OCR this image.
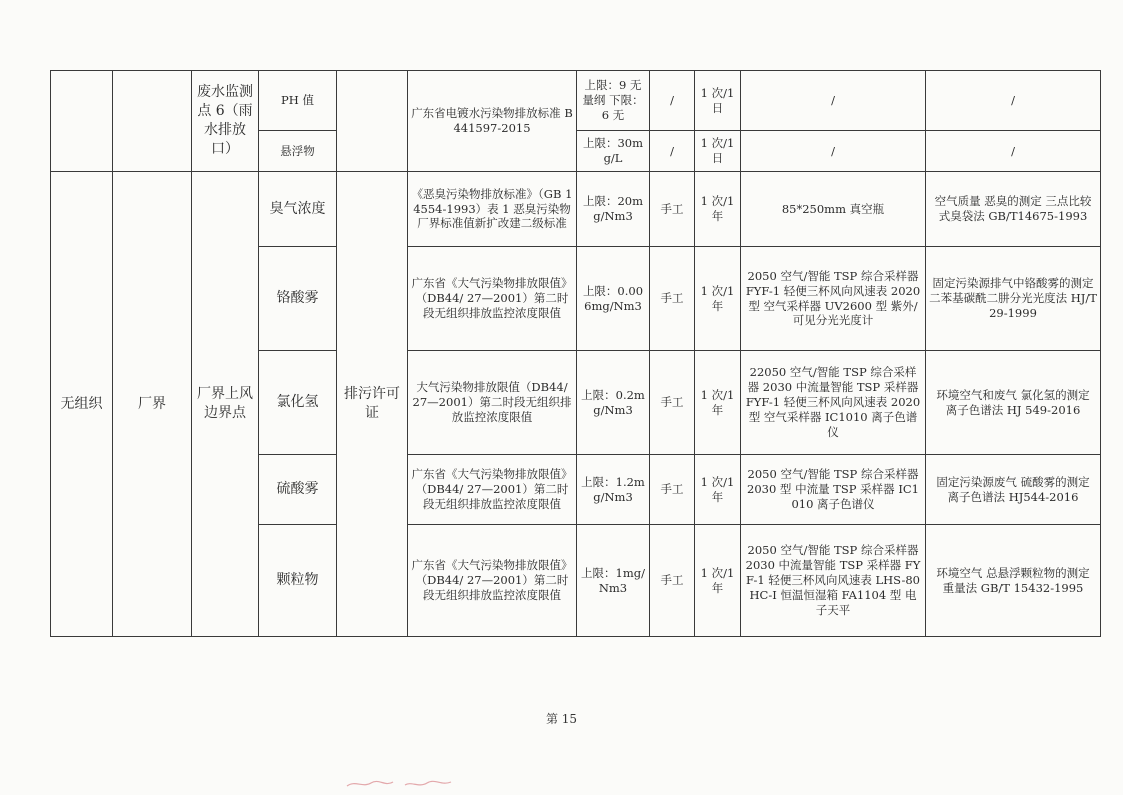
		废水监测点 6（雨水排放口）	PH 值		广东省电镀水污染物排放标准 B441597-2015	上限：9 无量纲 下限：6 无	/	1 次/1 日	/	/
			悬浮物			上限：30mg/L	/	1 次/1 日	/	/
无组织	厂界	厂界上风边界点	臭气浓度	排污许可证	《恶臭污染物排放标准》（GB 14554-1993）表 1 恶臭污染物厂界标准值新扩改建二级标准	上限：20mg/Nm3	手工	1 次/1 年	85*250mm 真空瓶	空气质量 恶臭的测定 三点比较式臭袋法 GB/T14675-1993
			铬酸雾		广东省《大气污染物排放限值》（DB44/ 27—2001）第二时段无组织排放监控浓度限值	上限：0.006mg/Nm3	手工	1 次/1 年	2050 空气/智能 TSP 综合采样器 FYF-1 轻便三杯风向风速表 2020 型 空气采样器 UV2600 型 紫外/可见分光光度计	固定污染源排气中铬酸雾的测定 二苯基碳酰二肼分光光度法 HJ/T 29-1999
			氯化氢		大气污染物排放限值（DB44/ 27—2001）第二时段无组织排放监控浓度限值	上限：0.2mg/Nm3	手工	1 次/1 年	22050 空气/智能 TSP 综合采样器 2030 中流量智能 TSP 采样器 FYF-1 轻便三杯风向风速表 2020 型 空气采样器 IC1010 离子色谱仪	环境空气和废气 氯化氢的测定 离子色谱法 HJ 549-2016
			硫酸雾		广东省《大气污染物排放限值》（DB44/ 27—2001）第二时段无组织排放监控浓度限值	上限：1.2mg/Nm3	手工	1 次/1 年	2050 空气/智能 TSP 综合采样器 2030 型 中流量 TSP 采样器 IC1010 离子色谱仪	固定污染源废气 硫酸雾的测定 离子色谱法 HJ544-2016
			颗粒物		广东省《大气污染物排放限值》（DB44/ 27—2001）第二时段无组织排放监控浓度限值	上限：1mg/Nm3	手工	1 次/1 年	2050 空气/智能 TSP 综合采样器 2030 中流量智能 TSP 采样器 FYF-1 轻便三杯风向风速表 LHS-80HC-I 恒温恒湿箱 FA1104 型 电子天平	环境空气 总悬浮颗粒物的测定 重量法 GB/T 15432-1995
第 15
